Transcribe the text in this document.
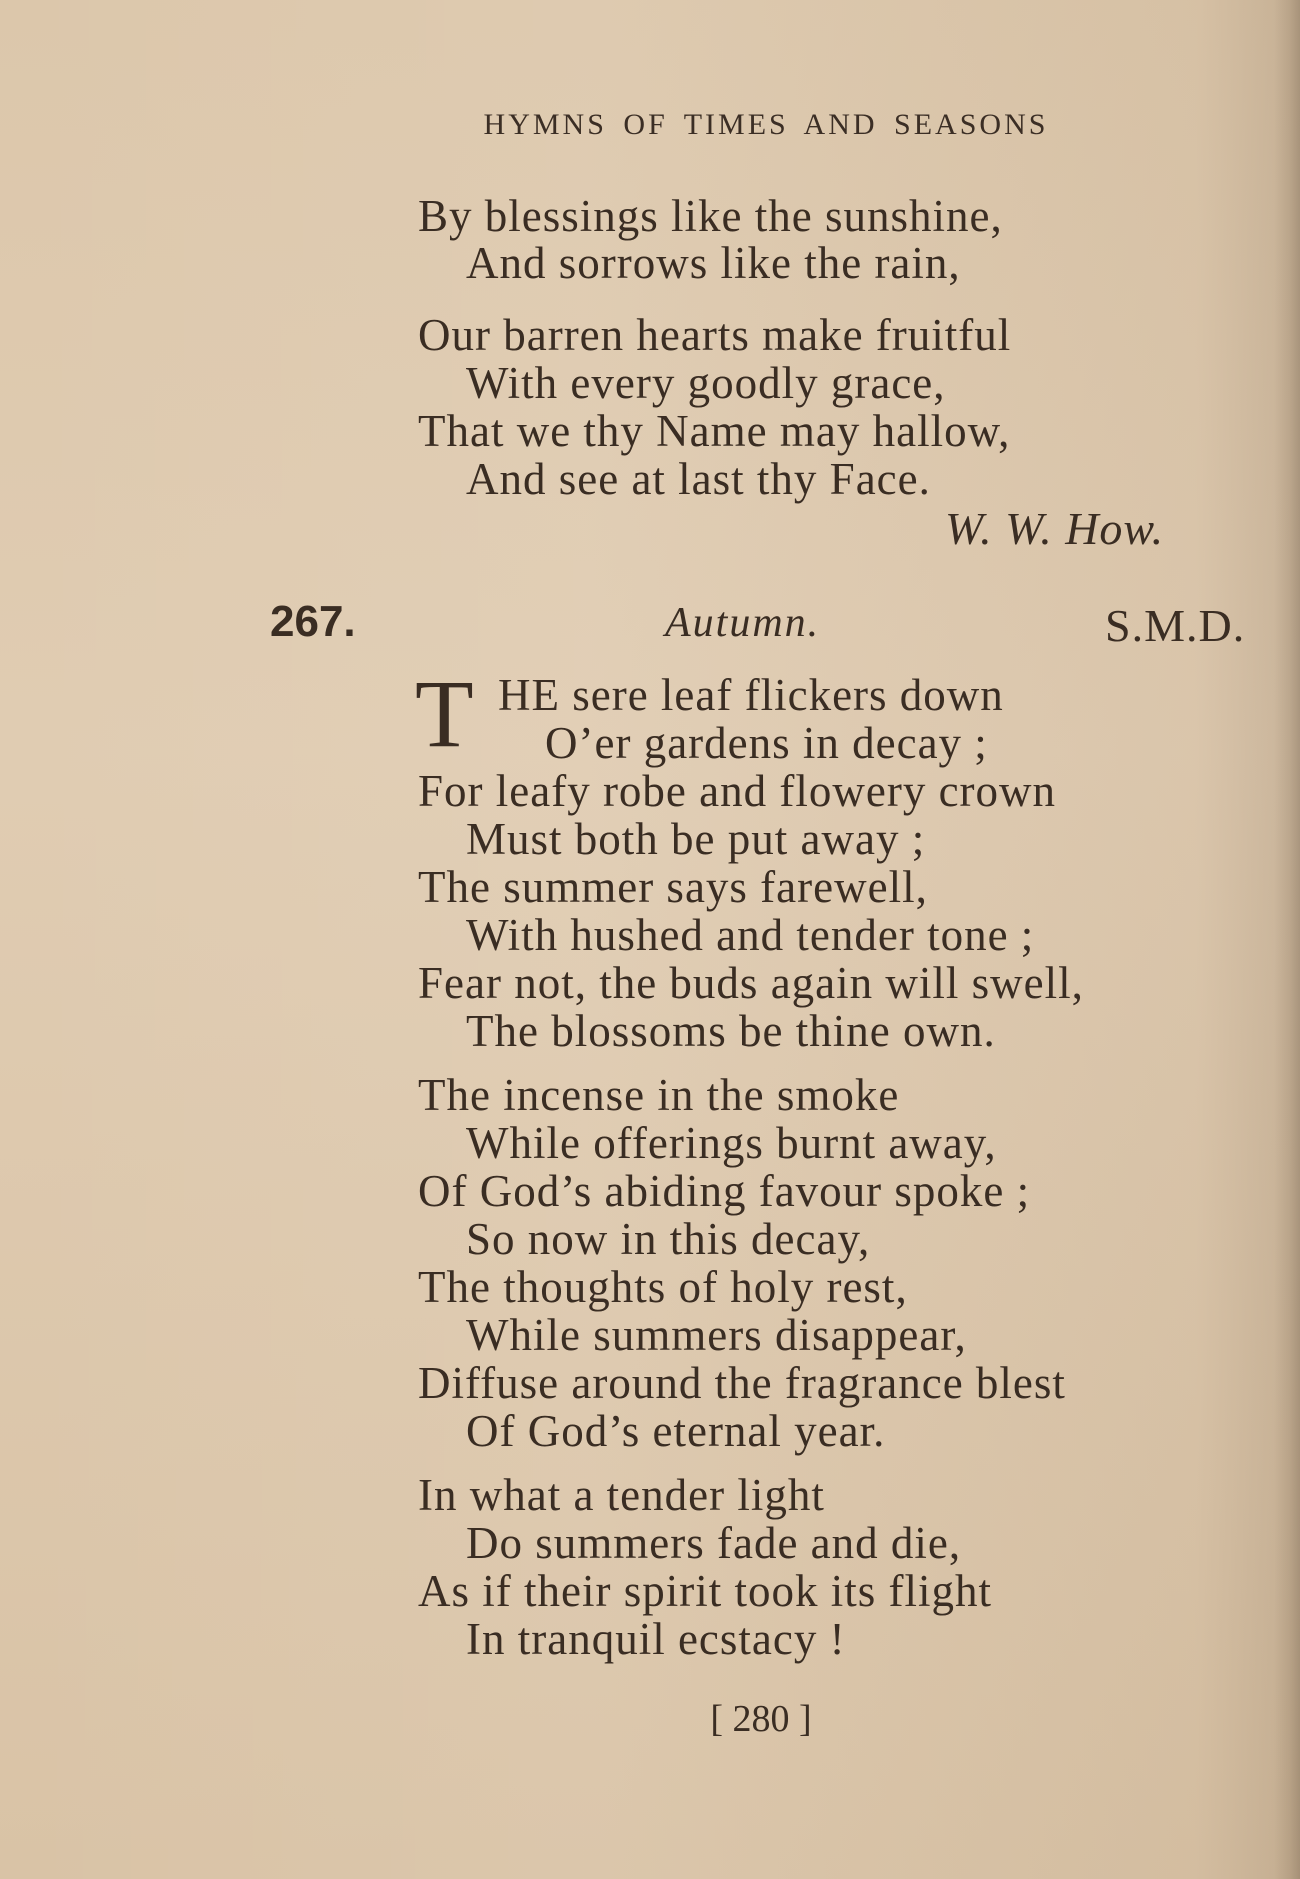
HYMNS OF TIMES AND SEASONS
By blessings like the sunshine,
And sorrows like the rain,
Our barren hearts make fruitful
With every goodly grace,
That we thy Name may hallow,
And see at last thy Face.
W. W. How.
267.	Autumn.	S.M.D.
T HE sere leaf flickers down
O’er gardens in decay ;
For leafy robe and flowery crown
Must both be put away ;
The summer says farewell,
With hushed and tender tone ;
Fear not, the buds again will swell,
The blossoms be thine own.
The incense in the smoke
While offerings burnt away,
Of God’s abiding favour spoke ;
So now in this decay,
The thoughts of holy rest,
While summers disappear,
Diffuse around the fragrance blest
Of God’s eternal year.
In what a tender light
Do summers fade and die,
As if their spirit took its flight
In tranquil ecstacy !
[ 280 ]
